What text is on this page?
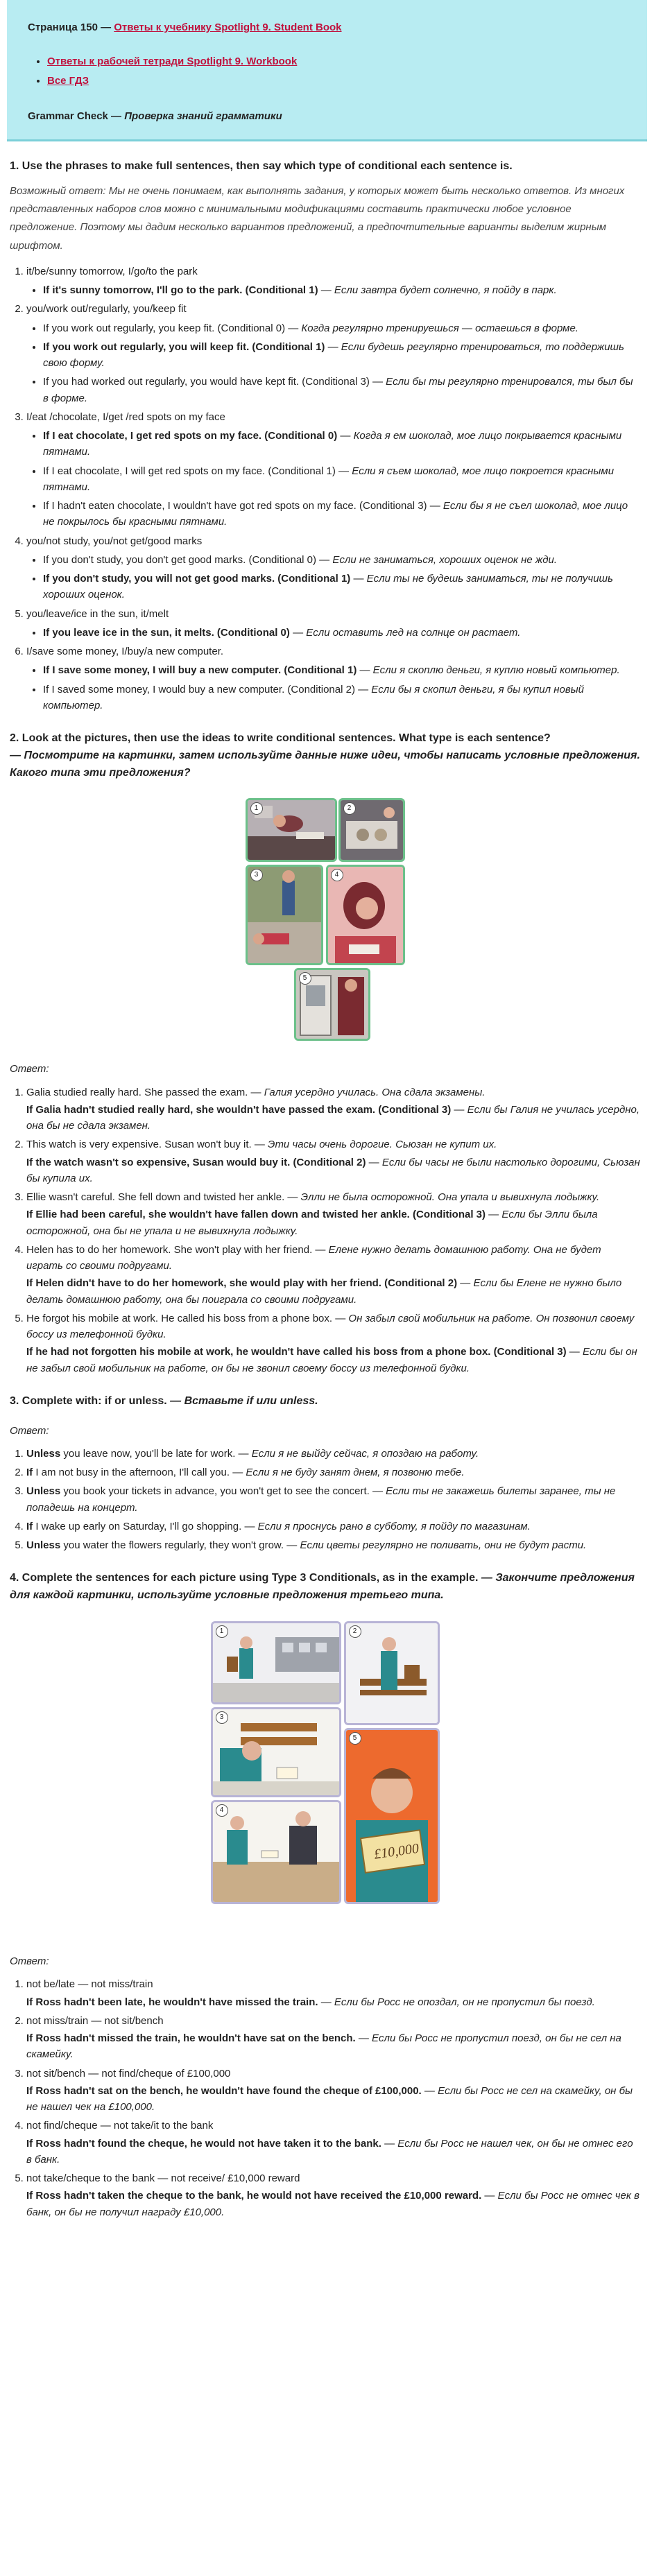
Страница 150 — Ответы к учебнику Spotlight 9. Student Book
• Ответы к рабочей тетради Spotlight 9. Workbook
• Все ГДЗ
Grammar Check — Проверка знаний грамматики
1. Use the phrases to make full sentences, then say which type of conditional each sentence is.
Возможный ответ: Мы не очень понимаем, как выполнять задания, у которых может быть несколько ответов. Из многих представленных наборов слов можно с минимальными модификациями составить практически любое условное предложение. Поэтому мы дадим несколько вариантов предложений, а предпочтительные варианты выделим жирным шрифтом.
1. it/be/sunny tomorrow, I/go/to the park
• If it's sunny tomorrow, I'll go to the park. (Conditional 1) — Если завтра будет солнечно, я пойду в парк.
2. you/work out/regularly, you/keep fit
• If you work out regularly, you keep fit. (Conditional 0) — Когда регулярно тренируешься — остаешься в форме.
• If you work out regularly, you will keep fit. (Conditional 1) — Если будешь регулярно тренироваться, то поддержишь свою форму.
• If you had worked out regularly, you would have kept fit. (Conditional 3) — Если бы ты регулярно тренировался, ты был бы в форме.
3. I/eat /chocolate, I/get /red spots on my face
• If I eat chocolate, I get red spots on my face. (Conditional 0) — Когда я ем шоколад, мое лицо покрывается красными пятнами.
• If I eat chocolate, I will get red spots on my face. (Conditional 1) — Если я съем шоколад, мое лицо покроется красными пятнами.
• If I hadn't eaten chocolate, I wouldn't have got red spots on my face. (Conditional 3) — Если бы я не съел шоколад, мое лицо не покрылось бы красными пятнами.
4. you/not study, you/not get/good marks
• If you don't study, you don't get good marks. (Conditional 0) — Если не заниматься, хороших оценок не жди.
• If you don't study, you will not get good marks. (Conditional 1) — Если ты не будешь заниматься, ты не получишь хороших оценок.
5. you/leave/ice in the sun, it/melt
• If you leave ice in the sun, it melts. (Conditional 0) — Если оставить лед на солнце он растает.
6. I/save some money, I/buy/a new computer.
• If I save some money, I will buy a new computer. (Conditional 1) — Если я скоплю деньги, я куплю новый компьютер.
• If I saved some money, I would buy a new computer. (Conditional 2) — Если бы я скопил деньги, я бы купил новый компьютер.
2. Look at the pictures, then use the ideas to write conditional sentences. What type is each sentence?
— Посмотрите на картинки, затем используйте данные ниже идеи, чтобы написать условные предложения. Какого типа эти предложения?
1	2
3	4
5
Ответ:
1. Galia studied really hard. She passed the exam. — Галия усердно училась. Она сдала экзамены.
If Galia hadn't studied really hard, she wouldn't have passed the exam. (Conditional 3) — Если бы Галия не училась усердно, она бы не сдала экзамен.
2. This watch is very expensive. Susan won't buy it. — Эти часы очень дорогие. Сьюзан не купит их.
If the watch wasn't so expensive, Susan would buy it. (Conditional 2) — Если бы часы не были настолько дорогими, Сьюзан бы купила их.
3. Ellie wasn't careful. She fell down and twisted her ankle. — Элли не была осторожной. Она упала и вывихнула лодыжку.
If Ellie had been careful, she wouldn't have fallen down and twisted her ankle. (Conditional 3) — Если бы Элли была осторожной, она бы не упала и не вывихнула лодыжку.
4. Helen has to do her homework. She won't play with her friend. — Елене нужно делать домашнюю работу. Она не будет играть со своими подругами.
If Helen didn't have to do her homework, she would play with her friend. (Conditional 2) — Если бы Елене не нужно было делать домашнюю работу, она бы поиграла со своими подругами.
5. He forgot his mobile at work. He called his boss from a phone box. — Он забыл свой мобильник на работе. Он позвонил своему боссу из телефонной будки.
If he had not forgotten his mobile at work, he wouldn't have called his boss from a phone box. (Conditional 3) — Если бы он не забыл свой мобильник на работе, он бы не звонил своему боссу из телефонной будки.
3. Complete with: if or unless. — Вставьте if или unless.
Ответ:
1. Unless you leave now, you'll be late for work. — Если я не выйду сейчас, я опоздаю на работу.
2. If I am not busy in the afternoon, I'll call you. — Если я не буду занят днем, я позвоню тебе.
3. Unless you book your tickets in advance, you won't get to see the concert. — Если ты не закажешь билеты заранее, ты не попадешь на концерт.
4. If I wake up early on Saturday, I'll go shopping. — Если я проснусь рано в субботу, я пойду по магазинам.
5. Unless you water the flowers regularly, they won't grow. — Если цветы регулярно не поливать, они не будут расти.
4. Complete the sentences for each picture using Type 3 Conditionals, as in the example. — Закончите предложения для каждой картинки, используйте условные предложения третьего типа.
1	2
3
4
£10,000
5
Ответ:
1. not be/late — not miss/train
If Ross hadn't been late, he wouldn't have missed the train. — Если бы Росс не опоздал, он не пропустил бы поезд.
2. not miss/train — not sit/bench
If Ross hadn't missed the train, he wouldn't have sat on the bench. — Если бы Росс не пропустил поезд, он бы не сел на скамейку.
3. not sit/bench — not find/cheque of £100,000
If Ross hadn't sat on the bench, he wouldn't have found the cheque of £100,000. — Если бы Росс не сел на скамейку, он бы не нашел чек на £100,000.
4. not find/cheque — not take/it to the bank
If Ross hadn't found the cheque, he would not have taken it to the bank. — Если бы Росс не нашел чек, он бы не отнес его в банк.
5. not take/cheque to the bank — not receive/ £10,000 reward
If Ross hadn't taken the cheque to the bank, he would not have received the £10,000 reward. — Если бы Росс не отнес чек в банк, он бы не получил награду £10,000.
